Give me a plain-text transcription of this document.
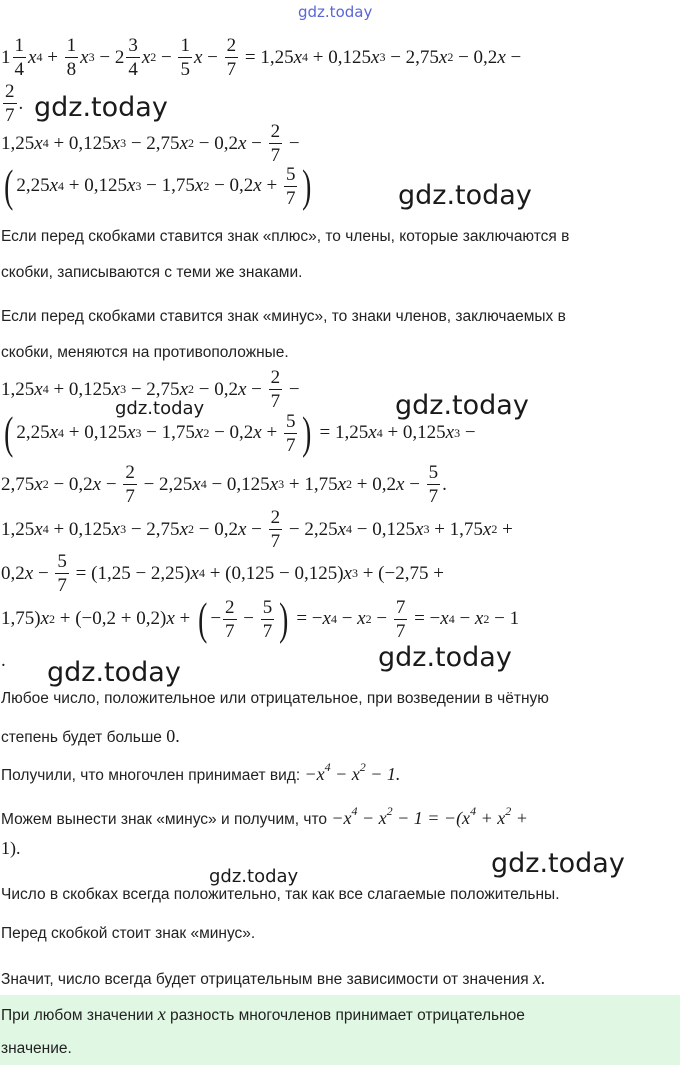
gdz.today
gdz.today
gdz.today
gdz.today	gdz.today
gdz.today
gdz.today
gdz.today
gdz.today
$1 \frac{1}{4}$ x $4 + \frac{1}{8}$ x $3 - 2 \frac{3}{4}$ x $2 - \frac{1}{5}$ $x - \frac{2}{7} = 1,25$ x 4 + 0,125 x 3 − 2,75 x 2 − 0,2 x −
$\frac{2}{7}$ .
1,25 x 4 + 0,125 x 3 − 2,75 x 2 − 0,2 $x - \frac{2}{7}$ −
( 2,25 x 4 + 0,125 x 3 − 1,75 x 2 − 0,2 $x + \frac{5}{7}$ )
Если перед скобками ставится знак «плюс», то члены, которые заключаются в
скобки, записываются с теми же знаками.
Если перед скобками ставится знак «минус», то знаки членов, заключаемых в
скобки, меняются на противоположные.
1,25 x 4 + 0,125 x 3 − 2,75 x 2 − 0,2 $x - \frac{2}{7}$ −
( 2,25 x 4 + 0,125 x 3 − 1,75 x 2 − 0,2 $x + \frac{5}{7}$ ) = 1,25 x 4 + 0,125 x 3 −
2,75 x 2 − 0,2 $x - \frac{2}{7} - 2,25$ x 4 − 0,125 x 3 + 1,75 x 2 + 0,2 $x - \frac{5}{7}$ .
1,25 x 4 + 0,125 x 3 − 2,75 x 2 − 0,2 $x - \frac{2}{7} - 2,25$ x 4 − 0,125 x 3 + 1,75 x 2 +
0,2 $x - \frac{5}{7} = (1,25 - 2,25)$ x 4 + (0,125 − 0,125) x 3 + (−2,75 +
1,75) x 2 + (−0,2 + 0,2) x + ( − $\frac{2}{7} - \frac{5}{7}$ ) = − x 4 − x $2 - \frac{7}{7}$ = − x 4 − x 2 − 1
.
Любое число, положительное или отрицательное, при возведении в чётную
степень будет больше 0.
Получили, что многочлен принимает вид: $-x^4 - x^2 - 1$.
Можем вынести знак «минус» и получим, что $-x^4 - x^2 - 1 = -(x^4 + x^2$ +
1).
Число в скобках всегда положительно, так как все слагаемые положительны.
Перед скобкой стоит знак «минус».
Значит, число всегда будет отрицательным вне зависимости от значения x.
При любом значении x разность многочленов принимает отрицательное
значение.
